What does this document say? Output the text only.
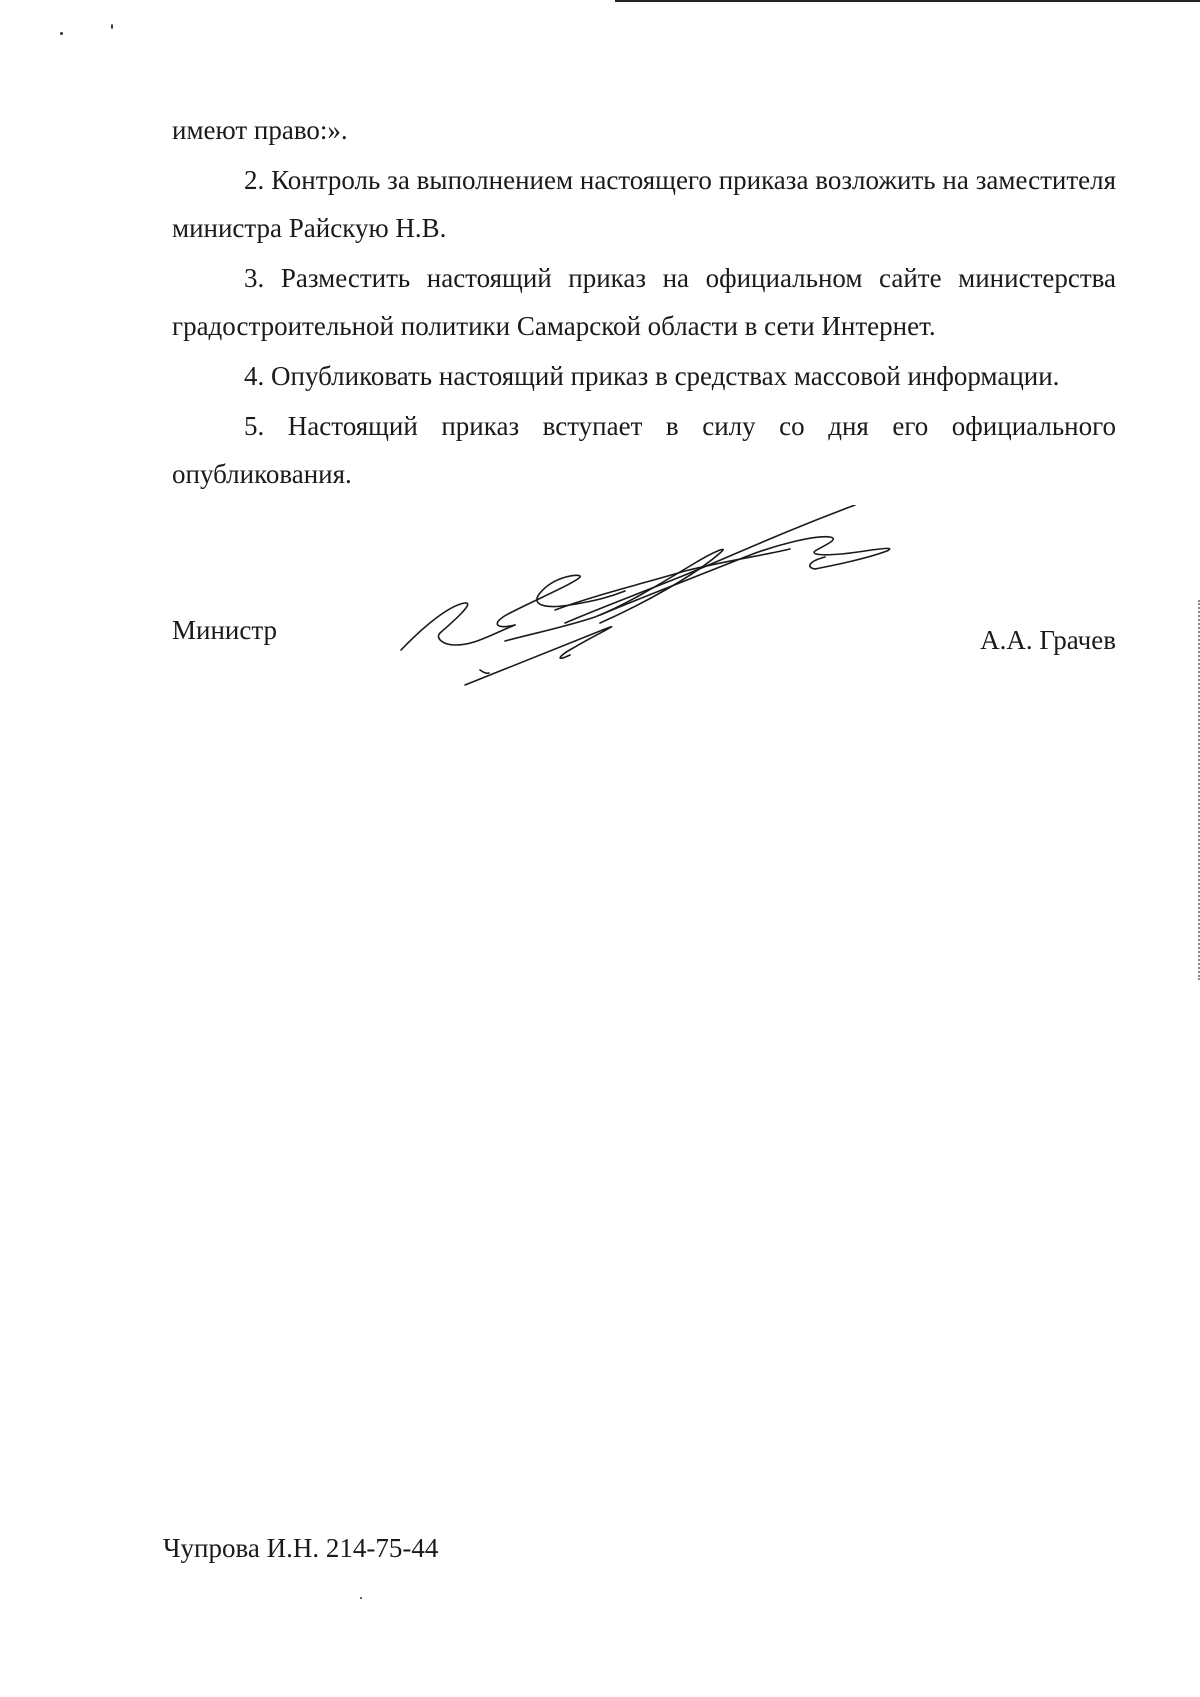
имеют право:».

2. Контроль за выполнением настоящего приказа возложить на заместителя министра Райскую Н.В.

3. Разместить настоящий приказ на официальном сайте министерства градостроительной политики Самарской области в сети Интернет.

4. Опубликовать настоящий приказ в средствах массовой информации.

5. Настоящий приказ вступает в силу со дня его официального опубликования.

Министр	А.А. Грачев
Чупрова И.Н. 214-75-44
